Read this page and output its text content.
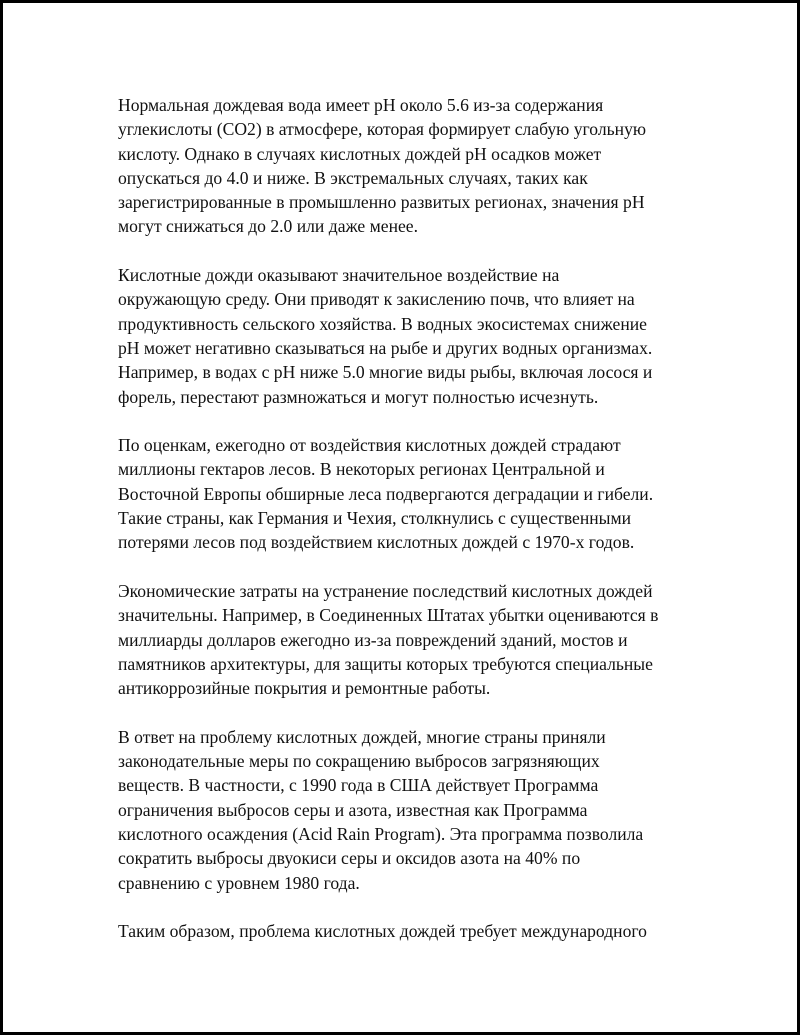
Нормальная дождевая вода имеет pH около 5.6 из-за содержания
углекислоты (CO2) в атмосфере, которая формирует слабую угольную
кислоту. Однако в случаях кислотных дождей pH осадков может
опускаться до 4.0 и ниже. В экстремальных случаях, таких как
зарегистрированные в промышленно развитых регионах, значения pH
могут снижаться до 2.0 или даже менее.

Кислотные дожди оказывают значительное воздействие на
окружающую среду. Они приводят к закислению почв, что влияет на
продуктивность сельского хозяйства. В водных экосистемах снижение
pH может негативно сказываться на рыбе и других водных организмах.
Например, в водах с pH ниже 5.0 многие виды рыбы, включая лосося и
форель, перестают размножаться и могут полностью исчезнуть.

По оценкам, ежегодно от воздействия кислотных дождей страдают
миллионы гектаров лесов. В некоторых регионах Центральной и
Восточной Европы обширные леса подвергаются деградации и гибели.
Такие страны, как Германия и Чехия, столкнулись с существенными
потерями лесов под воздействием кислотных дождей с 1970-х годов.

Экономические затраты на устранение последствий кислотных дождей
значительны. Например, в Соединенных Штатах убытки оцениваются в
миллиарды долларов ежегодно из-за повреждений зданий, мостов и
памятников архитектуры, для защиты которых требуются специальные
антикоррозийные покрытия и ремонтные работы.

В ответ на проблему кислотных дождей, многие страны приняли
законодательные меры по сокращению выбросов загрязняющих
веществ. В частности, с 1990 года в США действует Программа
ограничения выбросов серы и азота, известная как Программа
кислотного осаждения (Acid Rain Program). Эта программа позволила
сократить выбросы двуокиси серы и оксидов азота на 40% по
сравнению с уровнем 1980 года.

Таким образом, проблема кислотных дождей требует международного
